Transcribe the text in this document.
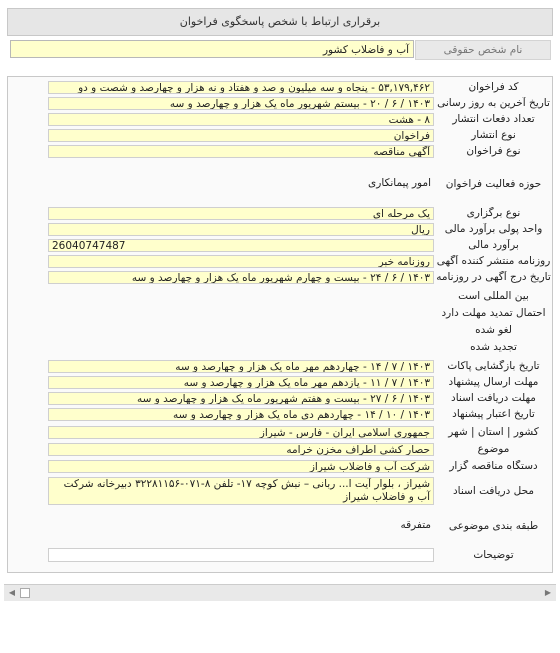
برقراری ارتباط با شخص پاسخگوی فراخوان
نام شخص حقوقی
آب و فاضلاب کشور
کد فراخوان
۵۳,۱۷۹,۴۶۲ - پنجاه و سه میلیون و صد و هفتاد و نه هزار و چهارصد و شصت و دو
تاریخ آخرین به روز رسانی
۱۴۰۳ / ۶ / ۲۰ - بیستم شهریور ماه یک هزار و چهارصد و سه
تعداد دفعات انتشار
۸ - هشت
نوع انتشار
فراخوان
نوع فراخوان
آگهی مناقصه
حوزه فعالیت فراخوان
امور پیمانکاری
نوع برگزاری
یک مرحله ای
واحد پولی برآورد مالی
ریال
برآورد مالی
26040747487
روزنامه منتشر کننده آگهی
روزنامه خبر
تاریخ درج آگهی در روزنامه
۱۴۰۳ / ۶ / ۲۴ - بیست و چهارم شهریور ماه یک هزار و چهارصد و سه
بین المللی است
احتمال تمدید مهلت دارد
لغو شده
تجدید شده
تاریخ بازگشایی پاکات
۱۴۰۳ / ۷ / ۱۴ - چهاردهم مهر ماه یک هزار و چهارصد و سه
مهلت ارسال پیشنهاد
۱۴۰۳ / ۷ / ۱۱ - یازدهم مهر ماه یک هزار و چهارصد و سه
مهلت دریافت اسناد
۱۴۰۳ / ۶ / ۲۷ - بیست و هفتم شهریور ماه یک هزار و چهارصد و سه
تاریخ اعتبار پیشنهاد
۱۴۰۳ / ۱۰ / ۱۴ - چهاردهم دی ماه یک هزار و چهارصد و سه
کشور | استان | شهر
جمهوری اسلامی ایران - فارس - شیراز
موضوع
حصار کشی اطراف مخزن خرامه
دستگاه مناقصه گزار
شرکت آب و فاضلاب شیراز
محل دریافت اسناد
شیراز ، بلوار آیت ا... ربانی – نبش کوچه ۱۷- تلفن ۸-۰۷۱-۳۲۲۸۱۱۵۶ دبیرخانه شرکت آب و فاضلاب شیراز
طبقه بندی موضوعی
متفرقه
توضیحات
◀	▶
